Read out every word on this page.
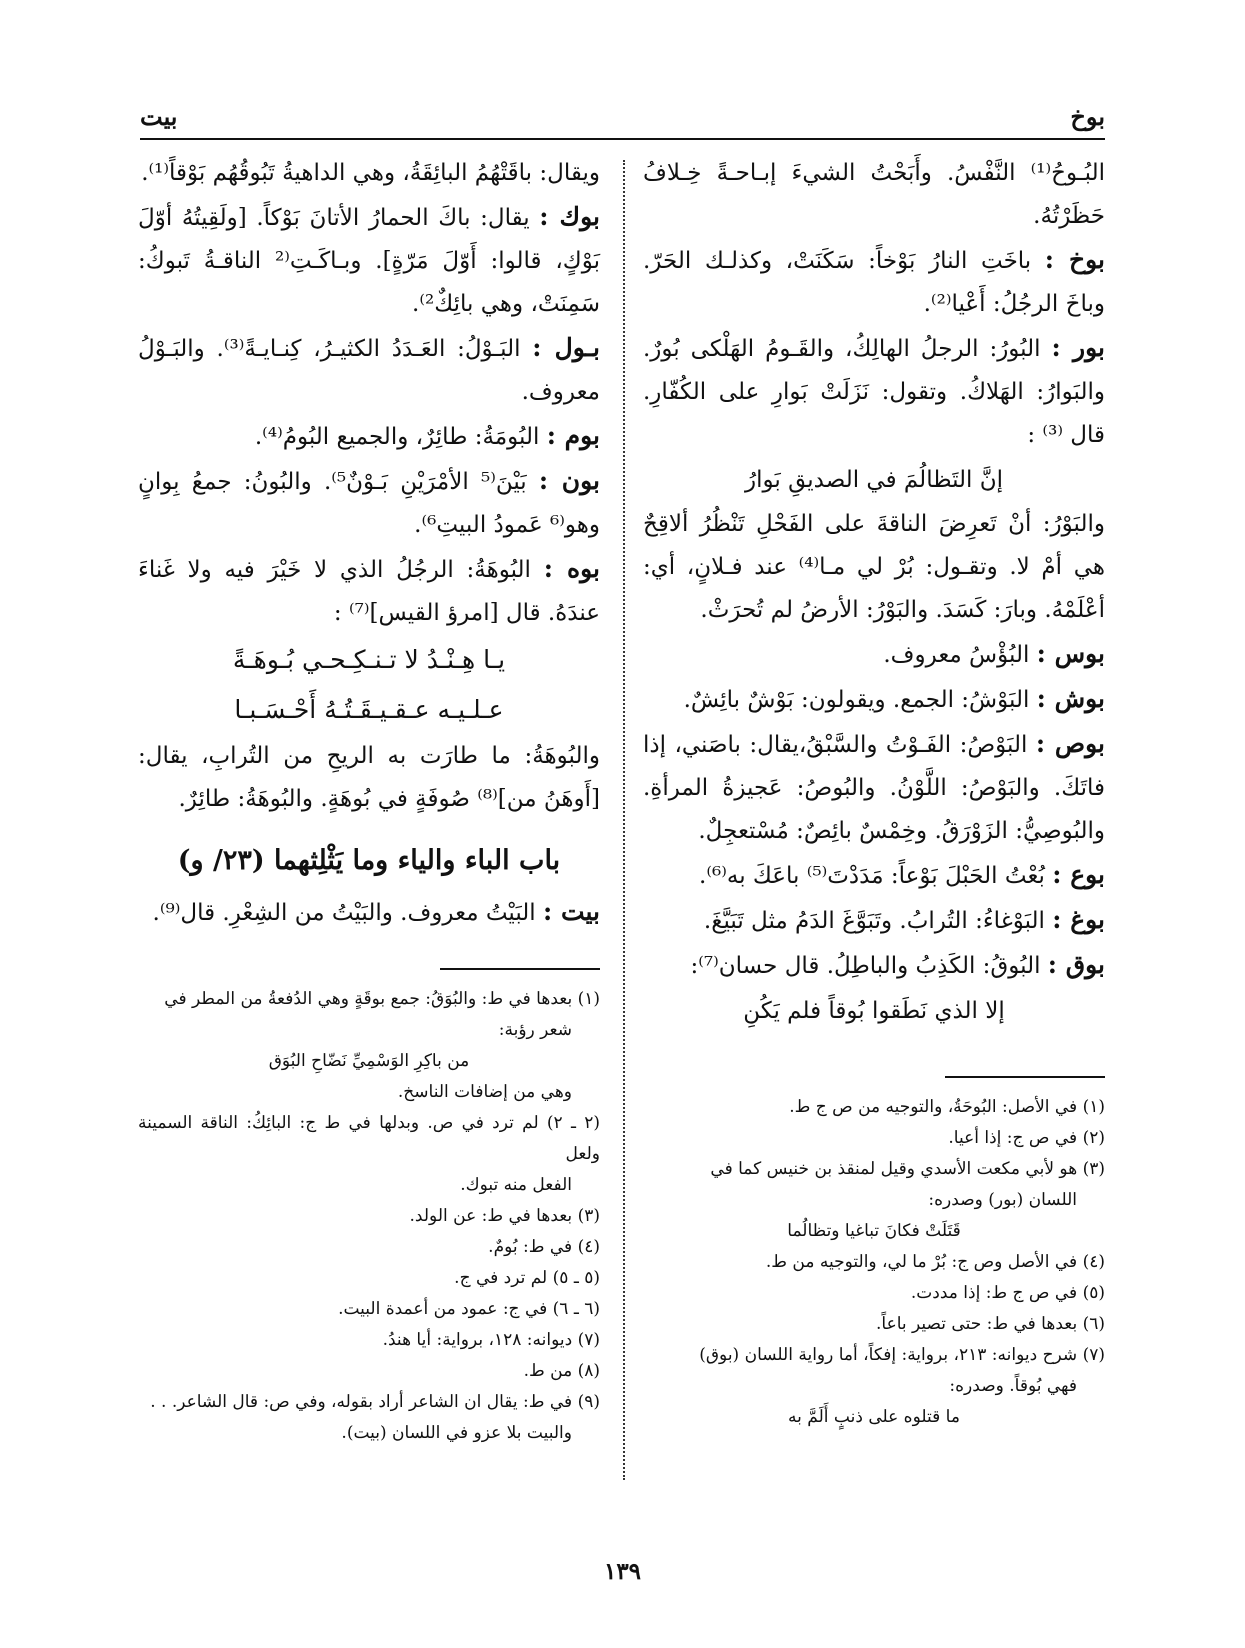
بوخ
بيت

البُـوحُ⁽¹⁾ النَّفْسُ. وأَبَحْتُ الشيءَ إبـاحـةً خِـلافُ حَظَرْتُهُ.

بوخ : باخَتِ النارُ بَوْخاً: سَكَنَتْ، وكذلـك الحَرّ. وباخَ الرجُلُ: أَعْيا⁽²⁾.

بور : البُورُ: الرجلُ الهالِكُ، والقَـومُ الهَلْكى بُورٌ. والبَوارُ: الهَلاكُ. وتقول: نَزَلَتْ بَوارِ على الكُفّارِ. قال ⁽³⁾ :

إنَّ التَظالُمَ في الصديقِ بَوارُ

والبَوْرُ: أنْ تَعرِضَ الناقةَ على الفَحْلِ تَنْظُرُ ألاقِحٌ هي أمْ لا. وتقـول: بُرْ لي مـا⁽⁴⁾ عند فـلانٍ، أي: أعْلَمْهُ. وبارَ: كَسَدَ. والبَوْرُ: الأرضُ لم تُحرَثْ.

بوس : البُؤْسُ معروف.

بوش : البَوْشُ: الجمع. ويقولون: بَوْشٌ بائِشٌ.

بوص : البَوْصُ: الفَـوْتُ والسَّبْقُ،يقال: باصَني، إذا فاتَكَ. والبَوْصُ: اللَّوْنُ. والبُوصُ: عَجيزةُ المرأةِ. والبُوصِيُّ: الزَوْرَقُ. وخِمْسٌ بائِصٌ: مُسْتعجِلٌ.

بوع : بُعْتُ الحَبْلَ بَوْعاً: مَدَدْتَ⁽⁵⁾ باعَكَ به⁽⁶⁾.

بوغ : البَوْغاءُ: التُرابُ. وتَبَوَّغَ الدَمُ مثل تَبَيَّغَ.

بوق : البُوقُ: الكَذِبُ والباطِلُ. قال حسان⁽⁷⁾:

إلا الذي نَطَقوا بُوقاً فلم يَكُنِ

ويقال: باقَتْهُمُ البائِقَةُ، وهي الداهيةُ تَبُوقُهُم بَوْقاً⁽¹⁾.

بوك : يقال: باكَ الحمارُ الأتانَ بَوْكاً. [ولَقِيتُهُ أوّلَ بَوْكٍ، قالوا: أَوّلَ مَرّةٍ]. وبـاكَـتِ⁽² الناقـةُ تَبوكُ: سَمِنَتْ، وهي بائِكٌ²⁾.

بـول : البَـوْلُ: العَـدَدُ الكثيـرُ، كِنـايـةً⁽³⁾. والبَـوْلُ معروف.

بوم : البُومَةُ: طائِرٌ، والجميع البُومُ⁽⁴⁾.

بون : بَيْنَ⁽⁵ الأمْرَيْنِ بَـوْنٌ⁵⁾. والبُونُ: جمعُ بِوانٍ وهو⁽⁶ عَمودُ البيتِ⁶⁾.

بوه : البُوهَةُ: الرجُلُ الذي لا خَيْرَ فيه ولا غَناءَ عندَهُ. قال [امرؤ القيس]⁽⁷⁾ :

يـا هِـنْـدُ لا تـنـكِـحـي بُـوهَـةً

عـلـيـه عـقـيـقَـتُـهُ أَحْـسَـبـا

والبُوهَةُ: ما طارَت به الريحِ من التُرابِ، يقال: [أَوهَنُ من]⁽⁸⁾ صُوفَةٍ في بُوهَةٍ. والبُوهَةُ: طائِرٌ.

باب الباء والياء وما يَثْلِثهما (٢٣/ و)

بيت : البَيْتُ معروف. والبَيْتُ من الشِعْرِ. قال⁽⁹⁾.

(١) في الأصل: البُوحَةُ، والتوجيه من ص ج ط.

(٢) في ص ج: إذا أعيا.

(٣) هو لأبي مكعت الأسدي وقيل لمنقذ بن خنيس كما في

اللسان (بور) وصدره:

قَتَلَتْ فكانَ تباغيا وتظالُما

(٤) في الأصل وص ج: بُرْ ما لي، والتوجيه من ط.

(٥) في ص ج ط: إذا مددت.

(٦) بعدها في ط: حتى تصير باعاً.

(٧) شرح ديوانه: ٢١٣، برواية: إفكاً، أما رواية اللسان (بوق)

فهي بُوقاً. وصدره:

ما قتلوه على ذنبٍ أَلَمَّ به

(١) بعدها في ط: والبُوَقُ: جمع بوقَةٍ وهي الدُفعةُ من المطر في

شعر رؤبة:

من باكِرِ الوَسْمِيِّ نَضّاحِ البُوَق

وهي من إضافات الناسخ.

(٢ ـ ٢) لم ترد في ص. وبدلها في ط ج: البائِكُ: الناقة السمينة ولعل

الفعل منه تبوك.

(٣) بعدها في ط: عن الولد.

(٤) في ط: بُومٌ.

(٥ ـ ٥) لم ترد في ج.

(٦ ـ ٦) في ج: عمود من أعمدة البيت.

(٧) ديوانه: ١٢٨، برواية: أيا هندُ.

(٨) من ط.

(٩) في ط: يقال ان الشاعر أراد بقوله، وفي ص: قال الشاعر. . .

والبيت بلا عزو في اللسان (بيت).

١٣٩
